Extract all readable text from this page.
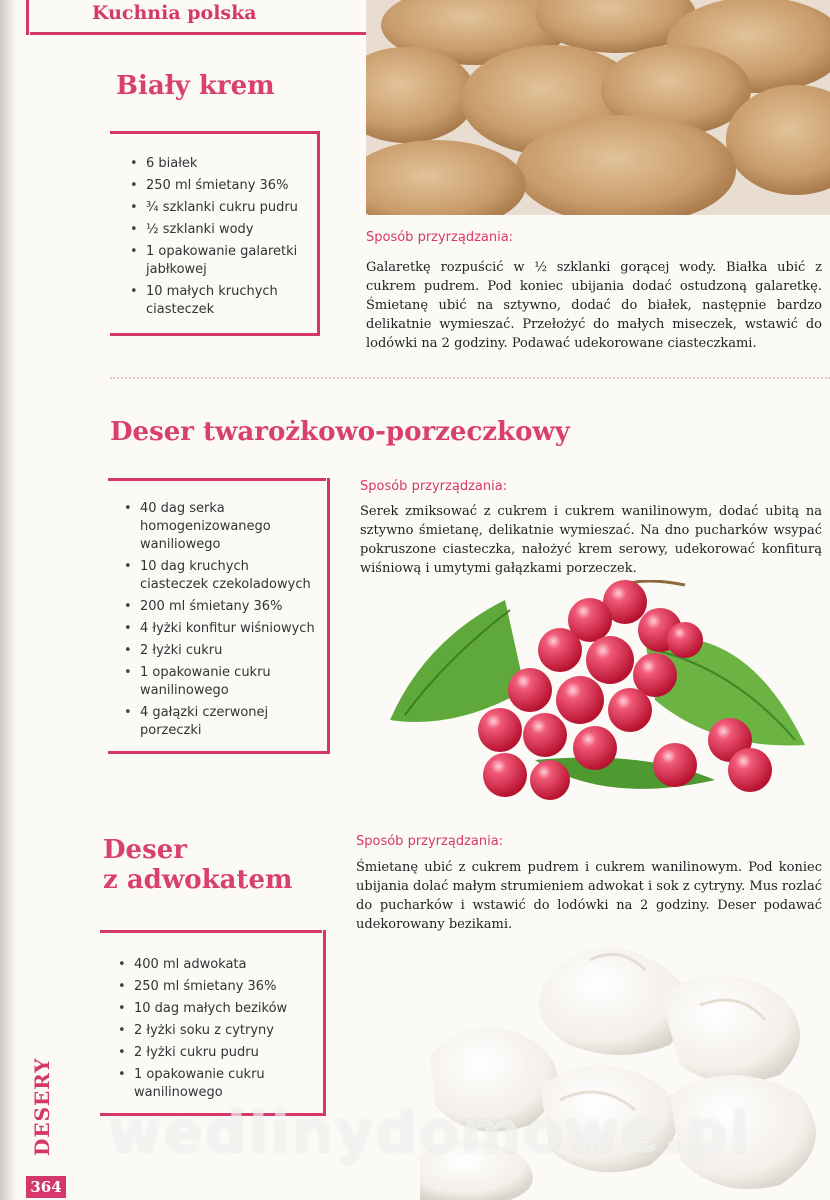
Kuchnia polska
Biały krem
• 6 białek
• 250 ml śmietany 36%
• ¾ szklanki cukru pudru
• ½ szklanki wody
• 1 opakowanie galaretki jabłkowej
• 10 małych kruchych ciasteczek

Sposób przyrządzania:

Galaretkę rozpuścić w ½ szklanki gorącej wody. Białka ubić z cukrem pudrem. Pod koniec ubijania dodać ostudzoną galaretkę. Śmietanę ubić na sztywno, dodać do białek, następnie bardzo delikatnie wymieszać. Przełożyć do małych miseczek, wstawić do lodówki na 2 godziny. Podawać udekorowane ciasteczkami.

Deser twarożkowo-porzeczkowy
• 40 dag serka homogenizowanego waniliowego
• 10 dag kruchych ciasteczek czekoladowych
• 200 ml śmietany 36%
• 4 łyżki konfitur wiśniowych
• 2 łyżki cukru
• 1 opakowanie cukru wanilinowego
• 4 gałązki czerwonej porzeczki

Sposób przyrządzania:

Serek zmiksować z cukrem i cukrem wanilinowym, dodać ubitą na sztywno śmietanę, delikatnie wymieszać. Na dno pucharków wsypać pokruszone ciasteczka, nałożyć krem serowy, udekorować konfiturą wiśniową i umytymi gałązkami porzeczek.

Deser
z adwokatem
• 400 ml adwokata
• 250 ml śmietany 36%
• 10 dag małych bezików
• 2 łyżki soku z cytryny
• 2 łyżki cukru pudru
• 1 opakowanie cukru wanilinowego

Sposób przyrządzania:

Śmietanę ubić z cukrem pudrem i cukrem wanilinowym. Pod koniec ubijania dolać małym strumieniem adwokat i sok z cytryny. Mus rozlać do pucharków i wstawić do lodówki na 2 godziny. Deser podawać udekorowany bezikami.

wedlinydomowe.pl
DESERY
364
